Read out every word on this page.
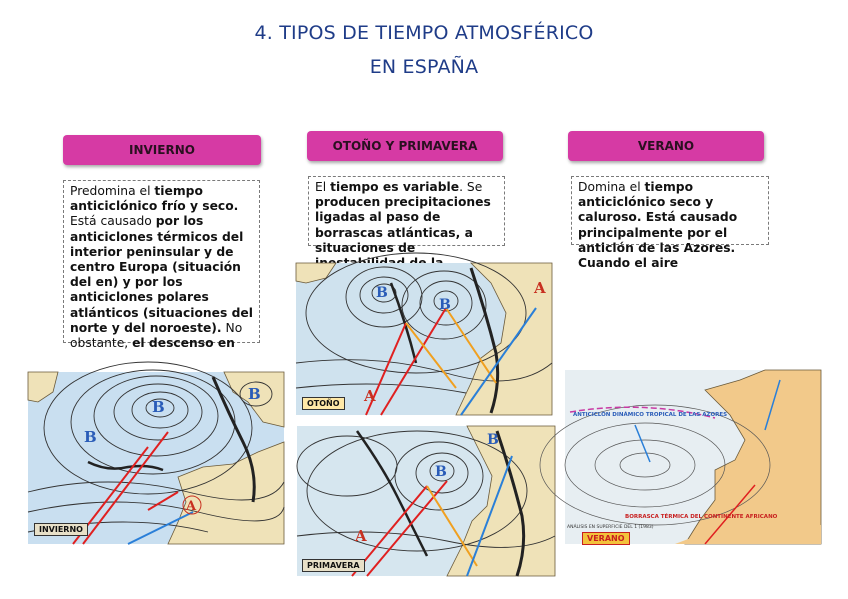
4. TIPOS DE TIEMPO ATMOSFÉRICO
EN ESPAÑA
INVIERNO	OTOÑO Y PRIMAVERA	VERANO
Predomina el tiempo anticiclónico frío y seco. Está causado por los anticiclones térmicos del interior peninsular y de centro Europa (situación del en) y por los anticiclones polares atlánticos (situaciones del norte y del noroeste). No obstante, el descenso en
El tiempo es variable. Se producen precipitaciones ligadas al paso de borrascas atlánticas, a situaciones de
Domina el tiempo anticiclónico seco y caluroso. Está causado principalmente por el anticlón de las Azores. Cuando el aire
B
B
B
A
INVIERNO
B
B
A
A
OTOÑO
B
B
A
PRIMAVERA
ANTICICLÓN DINÁMICO TROPICAL DE LAS AZORES
BORRASCA TÉRMICA DEL CONTINENTE AFRICANO
ANÁLISIS EN SUPERFICIE DEL 1 (1983)
VERANO
